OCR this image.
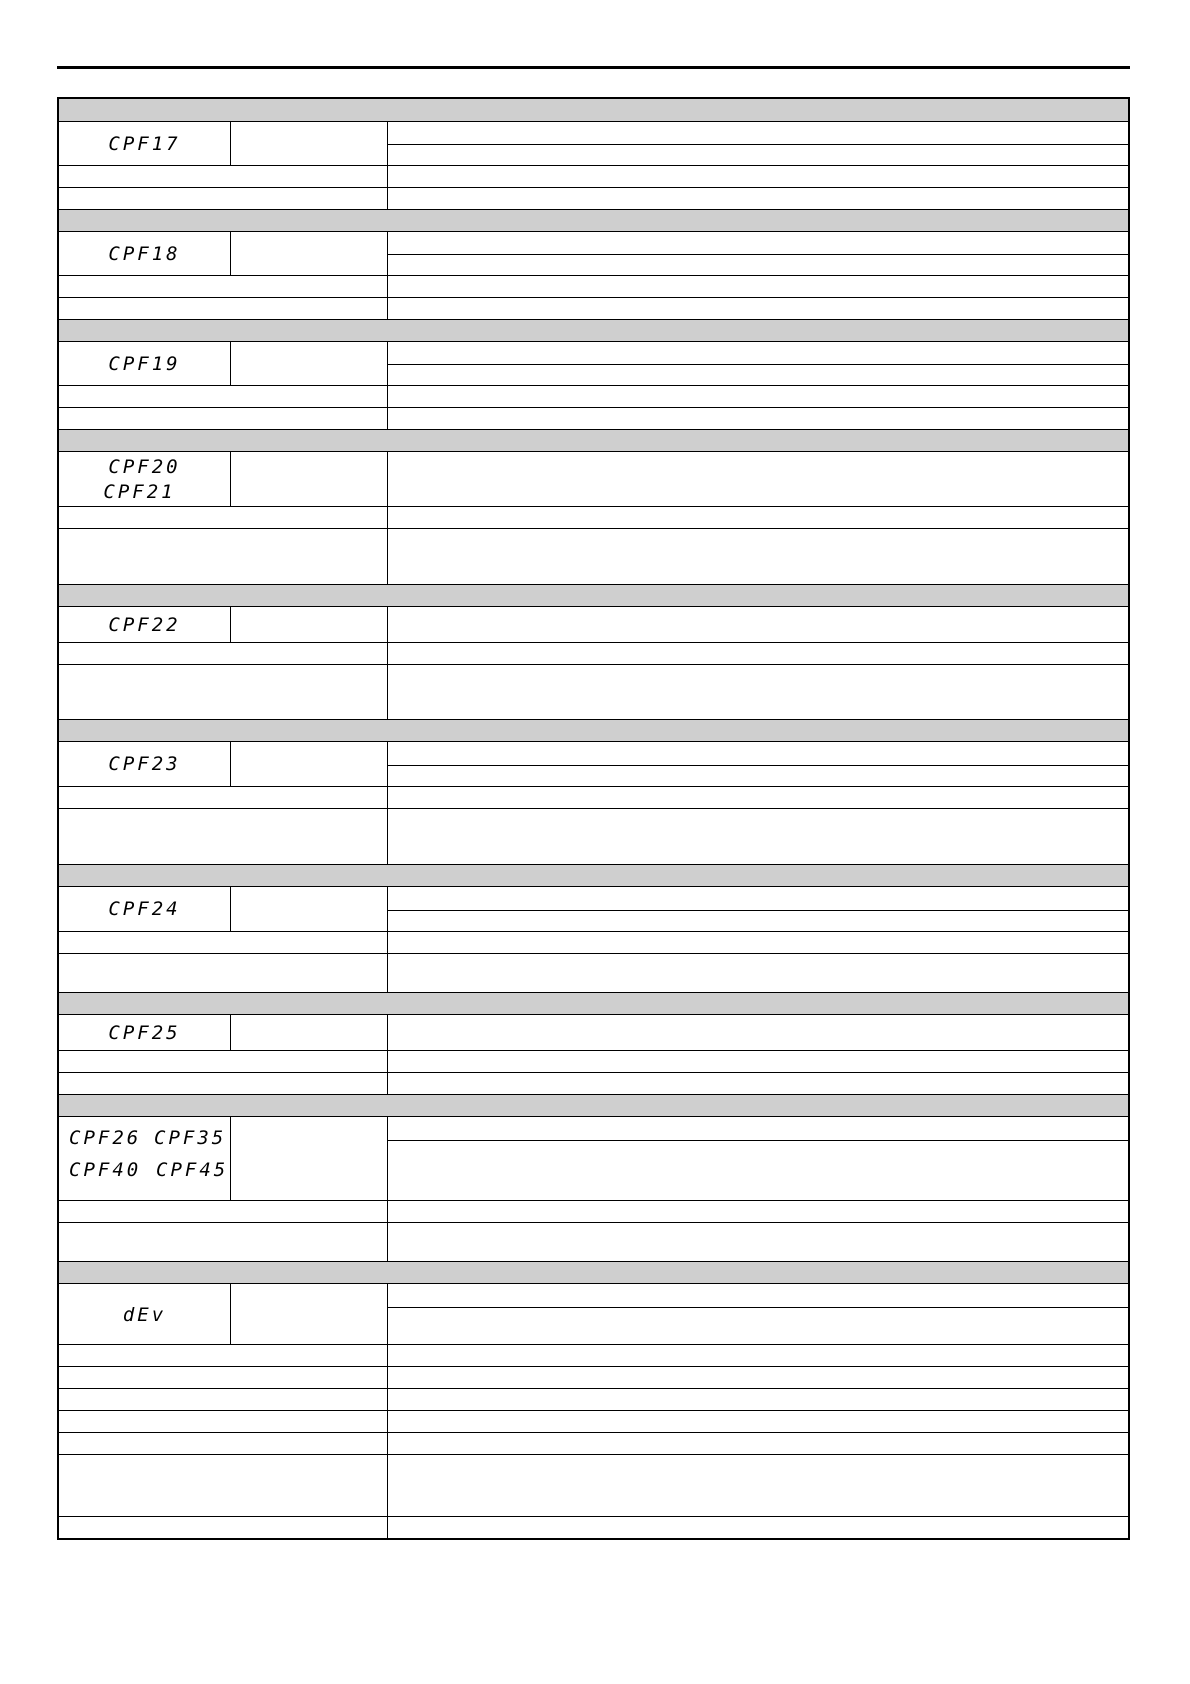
CPF17
CPF18
CPF19
CPF20
CPF21
CPF22
CPF23
CPF24
CPF25
CPF26 CPF35
CPF40 CPF45
dEv
